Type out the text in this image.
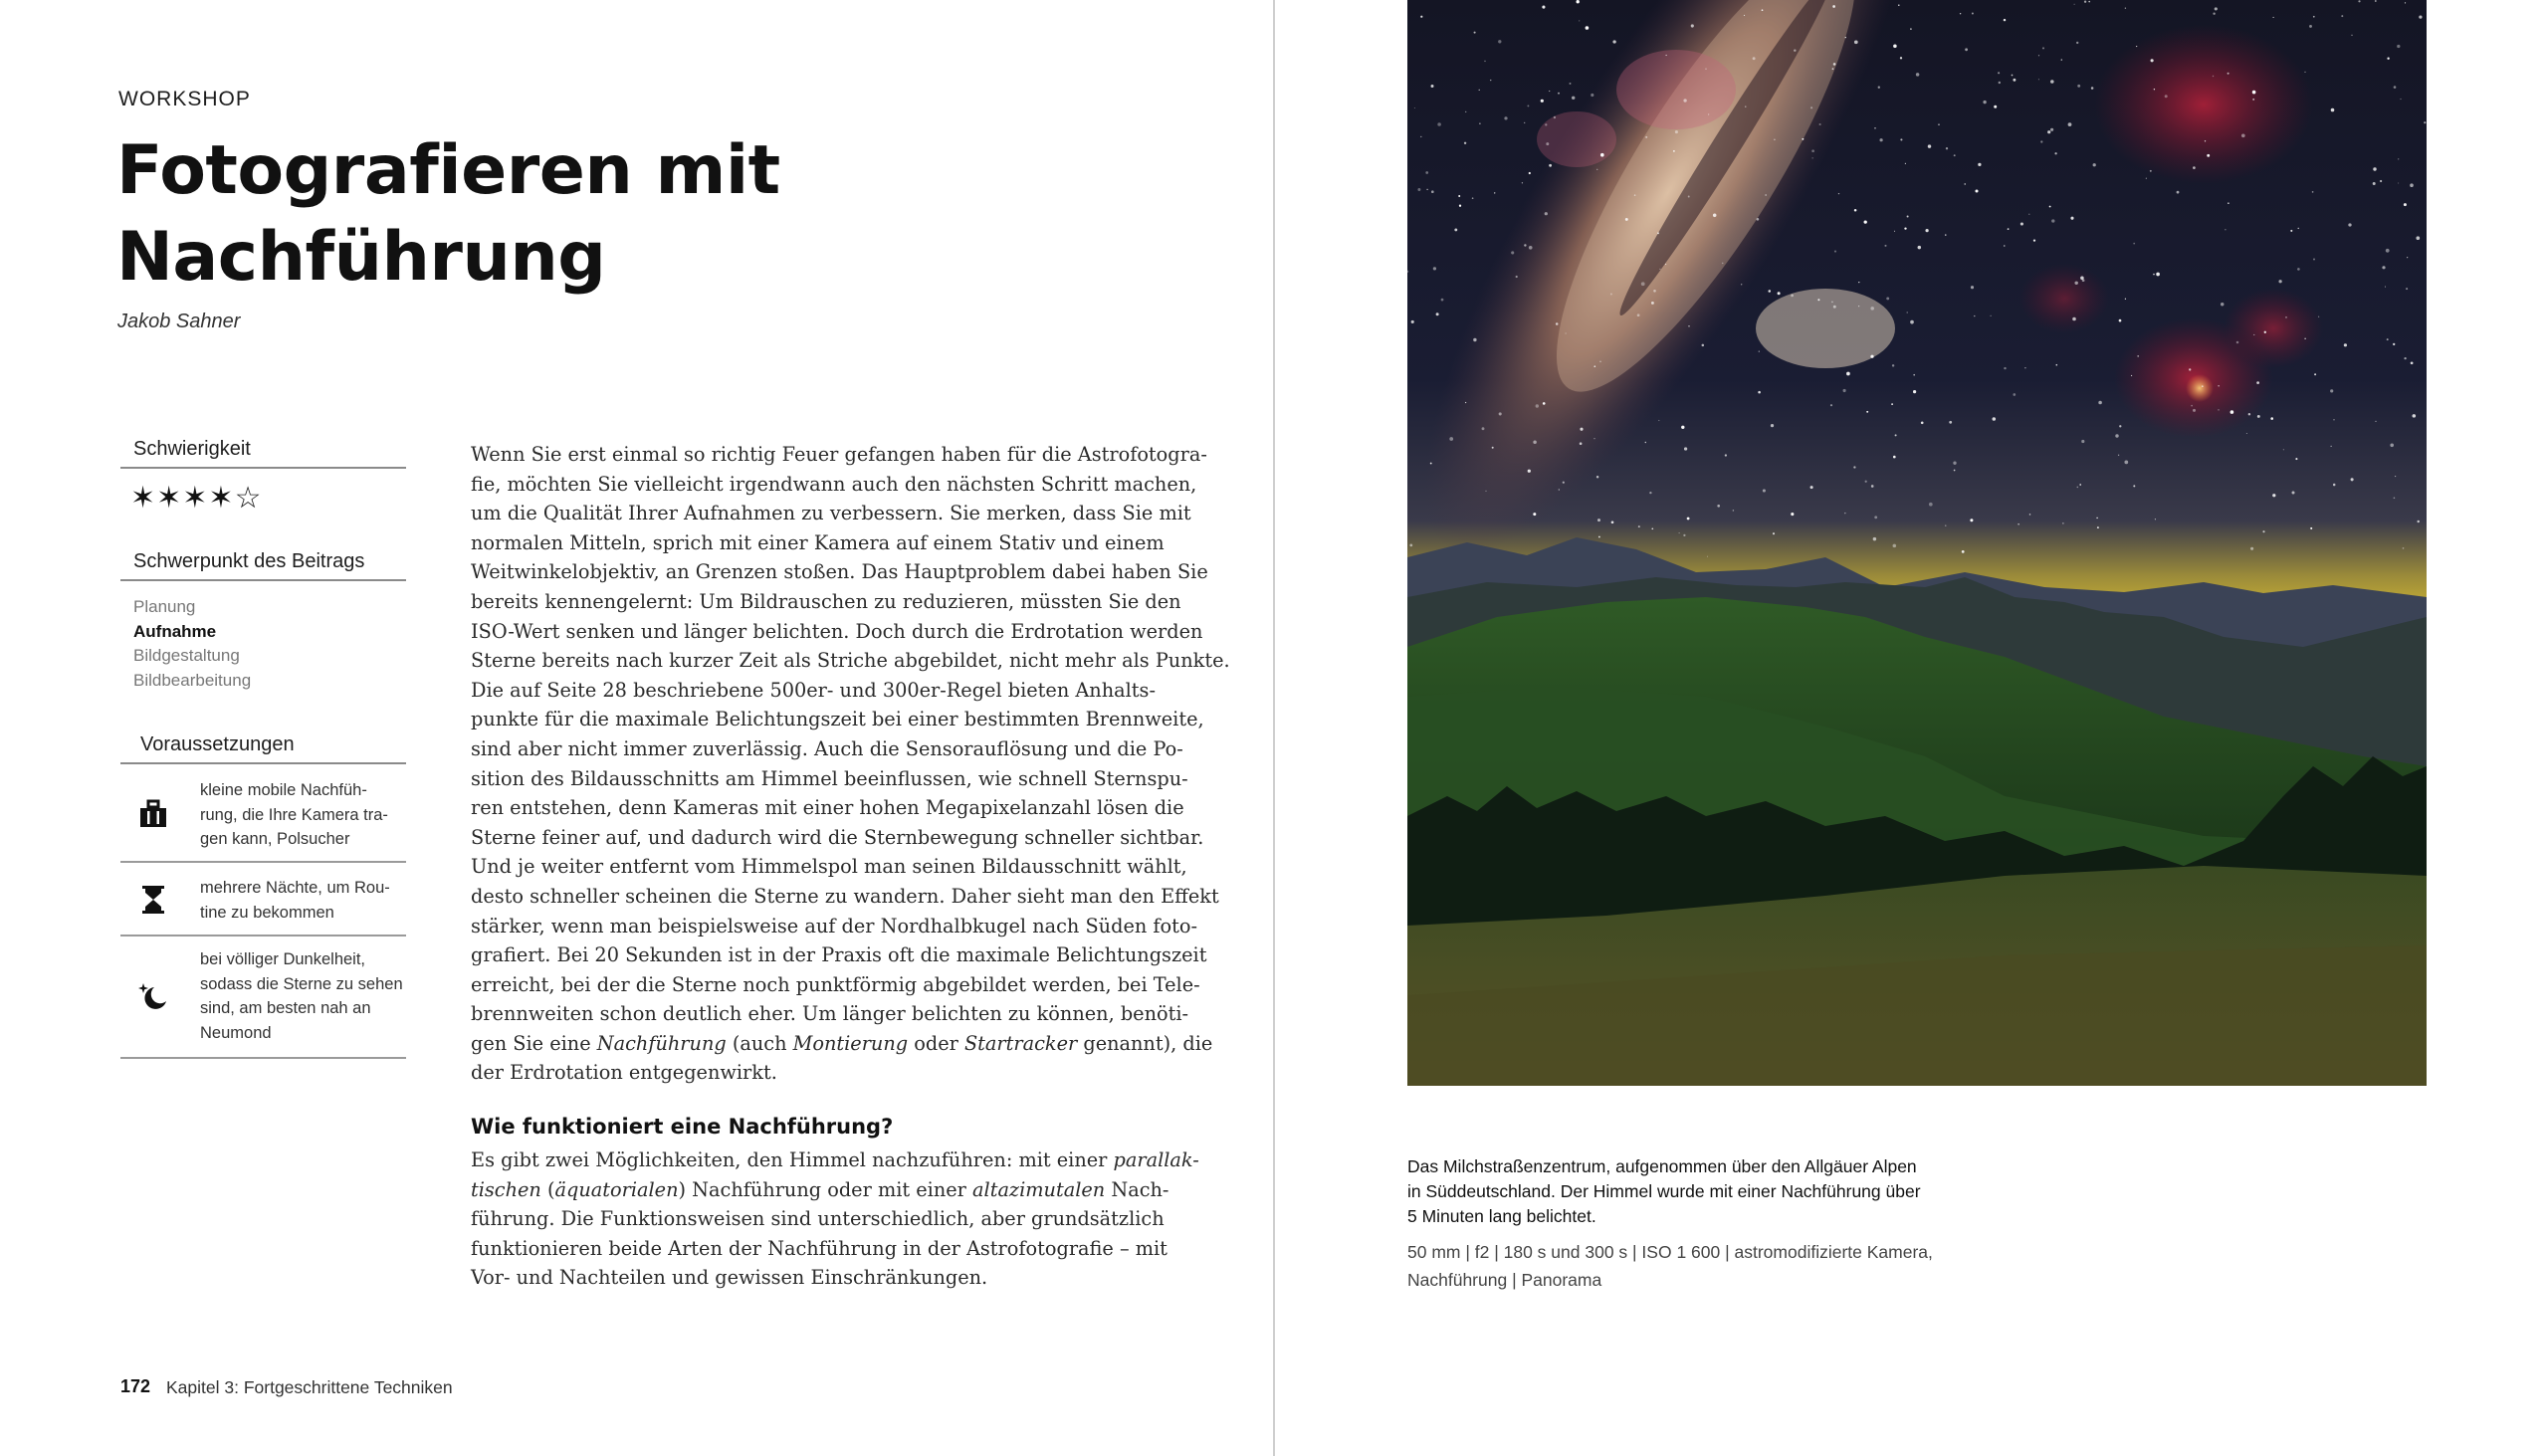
WORKSHOP
Fotografieren mit
Nachführung
Jakob Sahner
Schwierigkeit
✶✶✶✶☆
Schwerpunkt des Beitrags
Planung
Aufnahme
Bildgestaltung
Bildbearbeitung
Voraussetzungen
kleine mobile Nachfüh-
rung, die Ihre Kamera tra-
gen kann, Polsucher
mehrere Nächte, um Rou-
tine zu bekommen
bei völliger Dunkelheit,
sodass die Sterne zu sehen
sind, am besten nah an
Neumond
Wenn Sie erst einmal so richtig Feuer gefangen haben für die Astrofotogra-
fie, möchten Sie vielleicht irgendwann auch den nächsten Schritt machen,
um die Qualität Ihrer Aufnahmen zu verbessern. Sie merken, dass Sie mit
normalen Mitteln, sprich mit einer Kamera auf einem Stativ und einem
Weitwinkelobjektiv, an Grenzen stoßen. Das Hauptproblem dabei haben Sie
bereits kennengelernt: Um Bildrauschen zu reduzieren, müssten Sie den
ISO-Wert senken und länger belichten. Doch durch die Erdrotation werden
Sterne bereits nach kurzer Zeit als Striche abgebildet, nicht mehr als Punkte.
Die auf Seite 28 beschriebene 500er- und 300er-Regel bieten Anhalts-
punkte für die maximale Belichtungszeit bei einer bestimmten Brennweite,
sind aber nicht immer zuverlässig. Auch die Sensorauflösung und die Po-
sition des Bildausschnitts am Himmel beeinflussen, wie schnell Sternspu-
ren entstehen, denn Kameras mit einer hohen Megapixelanzahl lösen die
Sterne feiner auf, und dadurch wird die Sternbewegung schneller sichtbar.
Und je weiter entfernt vom Himmelspol man seinen Bildausschnitt wählt,
desto schneller scheinen die Sterne zu wandern. Daher sieht man den Effekt
stärker, wenn man beispielsweise auf der Nordhalbkugel nach Süden foto-
grafiert. Bei 20 Sekunden ist in der Praxis oft die maximale Belichtungszeit
erreicht, bei der die Sterne noch punktförmig abgebildet werden, bei Tele-
brennweiten schon deutlich eher. Um länger belichten zu können, benöti-
gen Sie eine Nachführung (auch Montierung oder Startracker genannt), die
der Erdrotation entgegenwirkt.
Wie funktioniert eine Nachführung?
Es gibt zwei Möglichkeiten, den Himmel nachzuführen: mit einer parallak-
tischen (äquatorialen) Nachführung oder mit einer altazimutalen Nach-
führung. Die Funktionsweisen sind unterschiedlich, aber grundsätzlich
funktionieren beide Arten der Nachführung in der Astrofotografie – mit
Vor- und Nachteilen und gewissen Einschränkungen.
172 Kapitel 3: Fortgeschrittene Techniken
Das Milchstraßenzentrum, aufgenommen über den Allgäuer Alpen
in Süddeutschland. Der Himmel wurde mit einer Nachführung über
5 Minuten lang belichtet.
50 mm | f2 | 180 s und 300 s | ISO 1 600 | astromodifizierte Kamera,
Nachführung | Panorama
